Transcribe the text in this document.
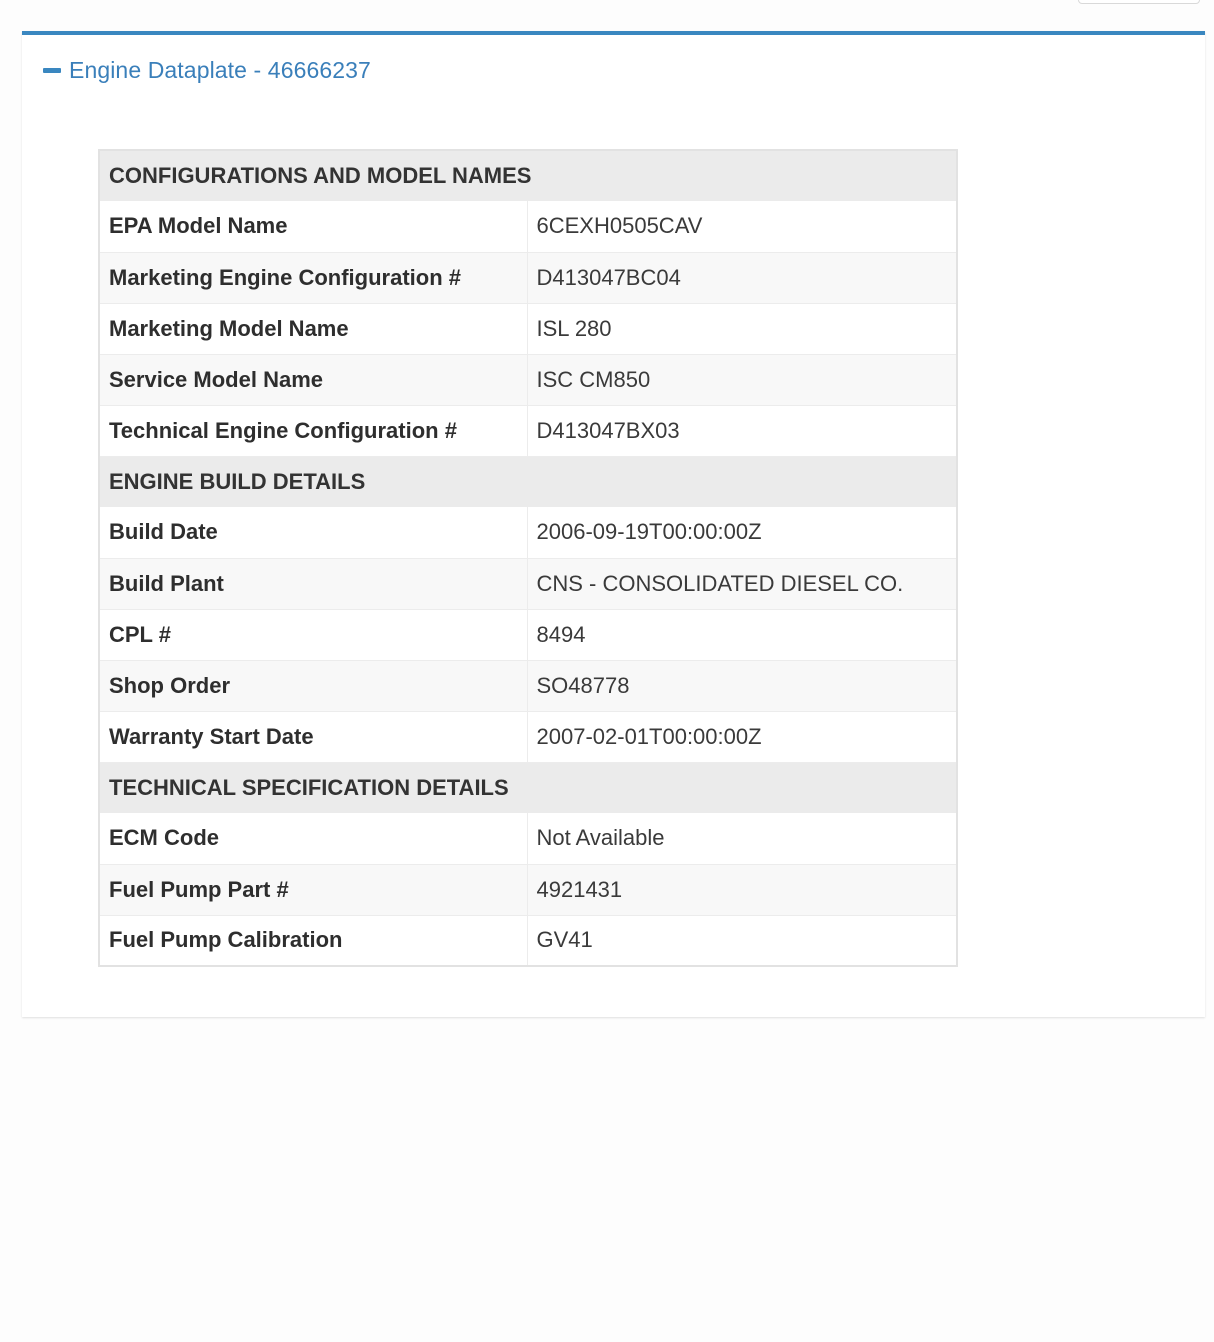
Engine Dataplate - 46666237
CONFIGURATIONS AND MODEL NAMES	
EPA Model Name	6CEXH0505CAV
Marketing Engine Configuration #	D413047BC04
Marketing Model Name	ISL 280
Service Model Name	ISC CM850
Technical Engine Configuration #	D413047BX03
ENGINE BUILD DETAILS	
Build Date	2006-09-19T00:00:00Z
Build Plant	CNS - CONSOLIDATED DIESEL CO.
CPL #	8494
Shop Order	SO48778
Warranty Start Date	2007-02-01T00:00:00Z
TECHNICAL SPECIFICATION DETAILS	
ECM Code	Not Available
Fuel Pump Part #	4921431
Fuel Pump Calibration	GV41
